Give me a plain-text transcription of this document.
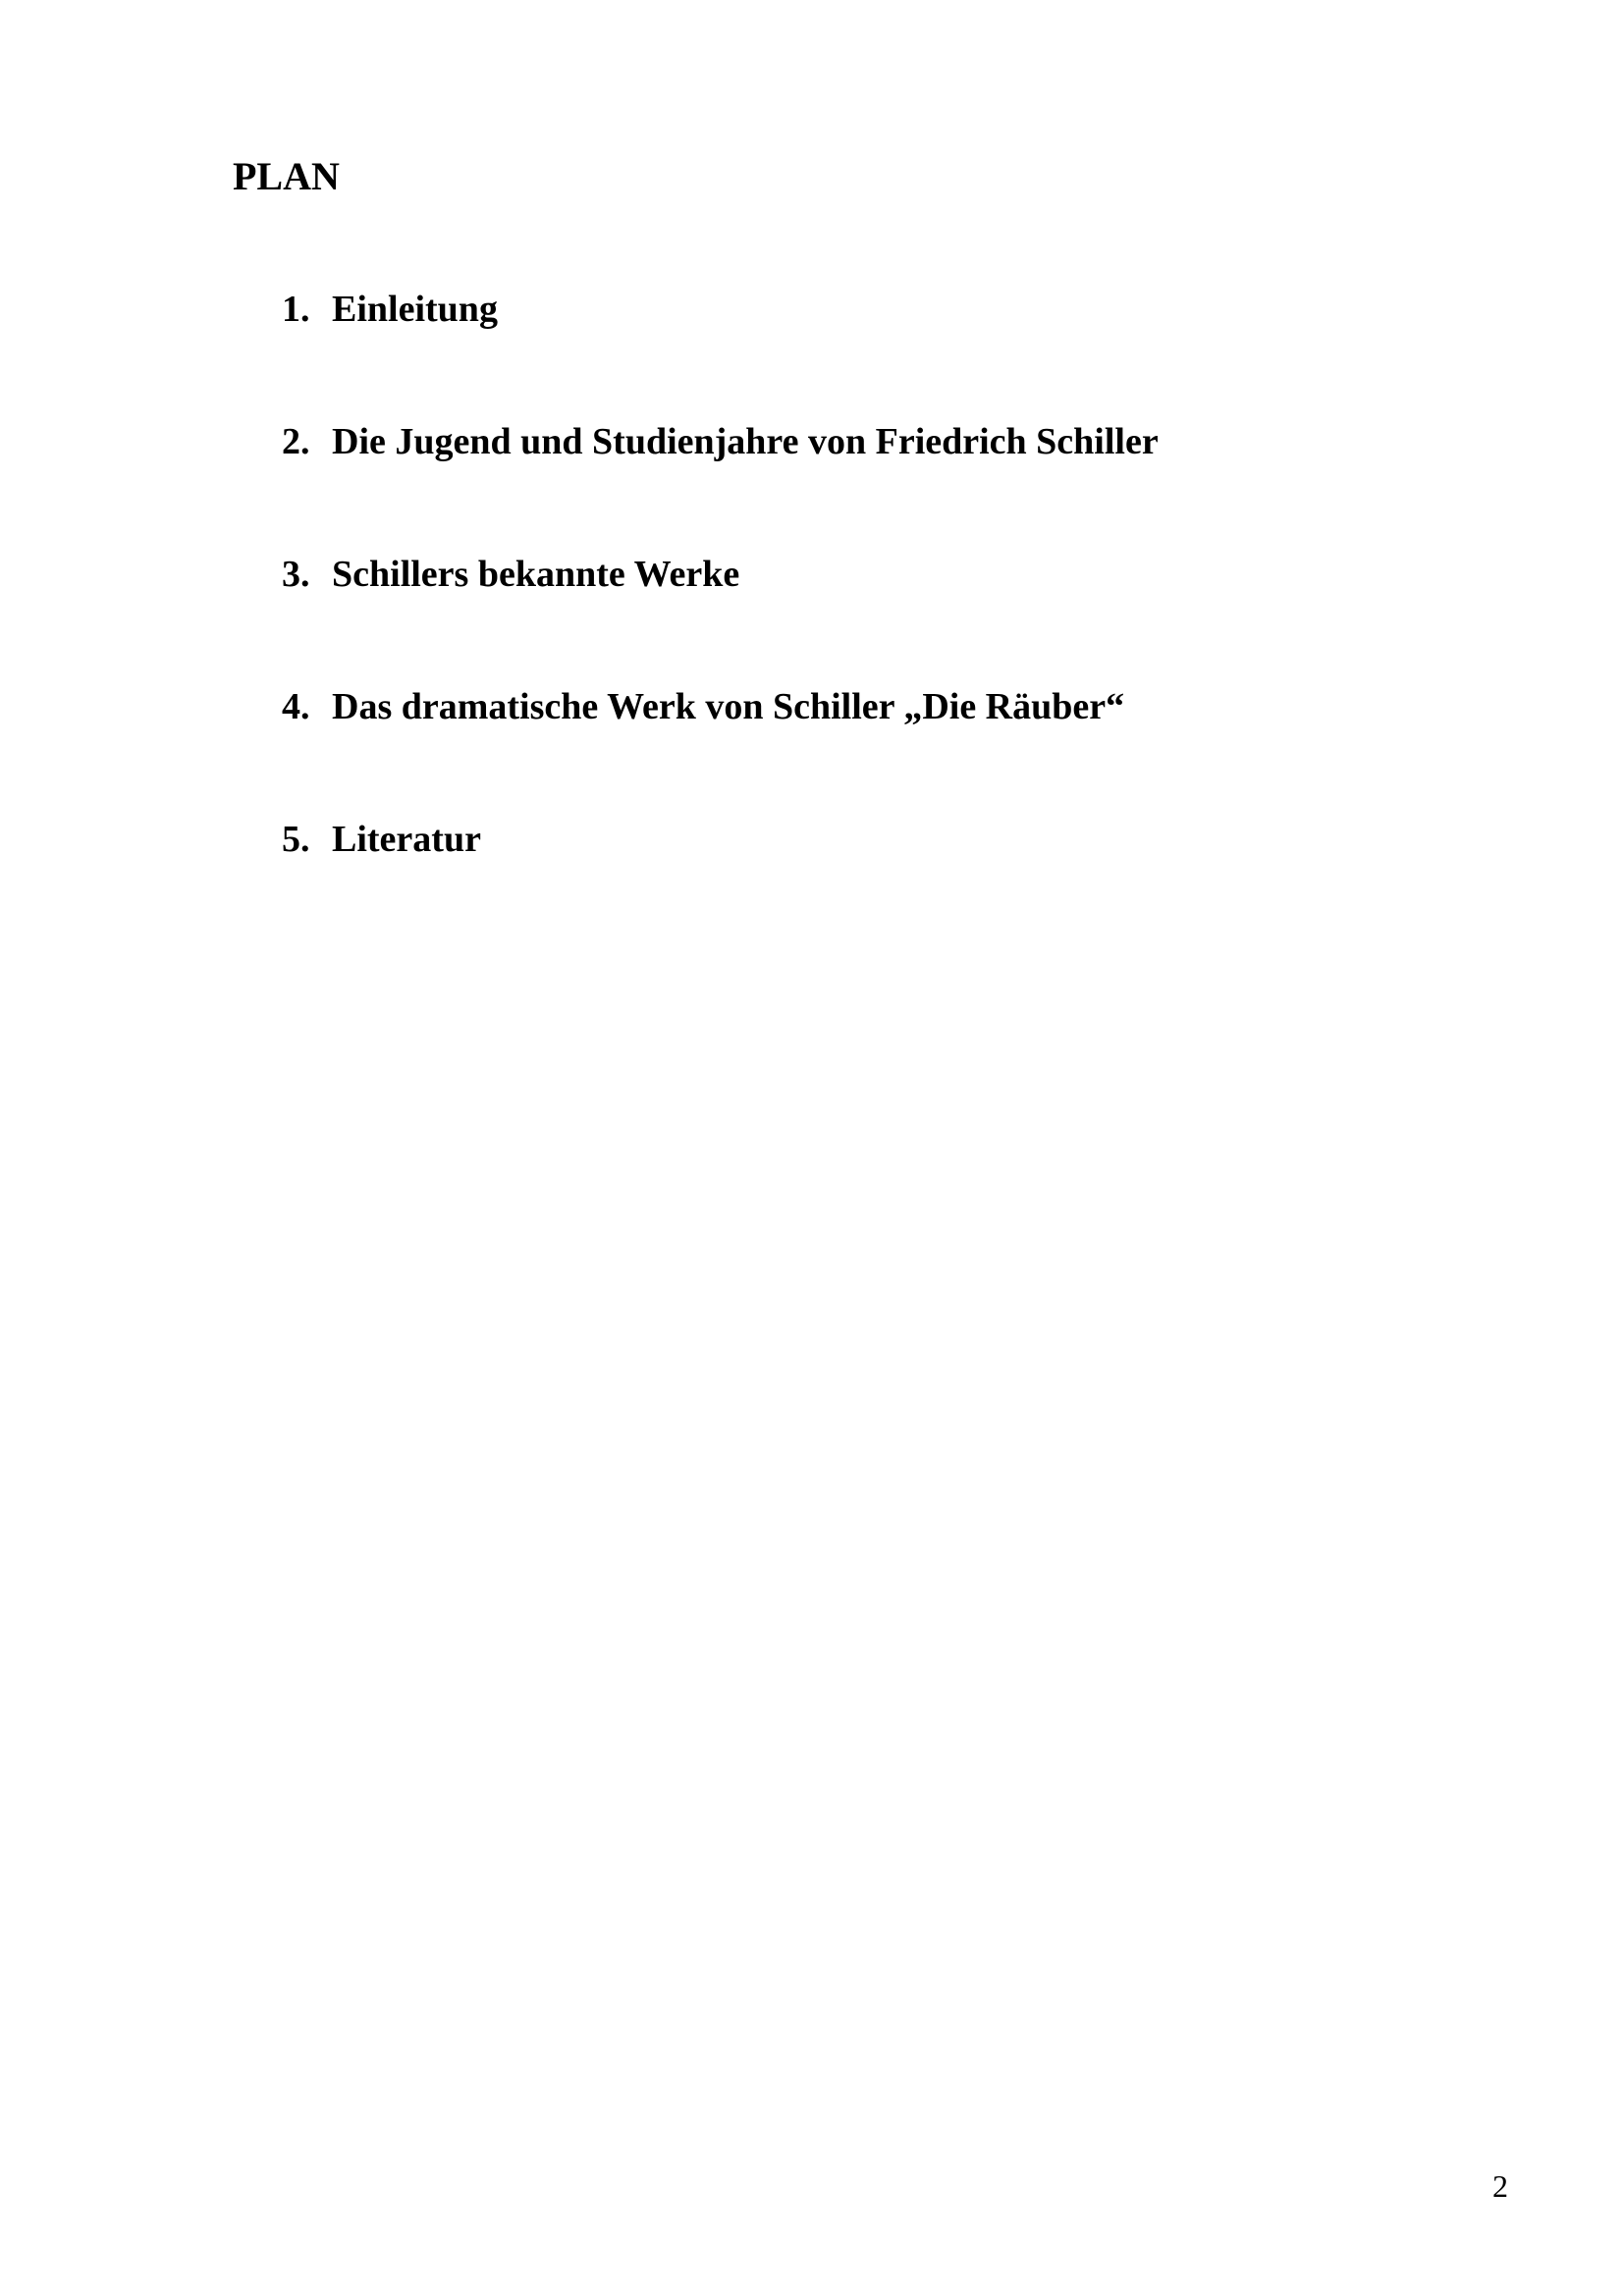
PLAN
1. Einleitung
2. Die Jugend und Studienjahre von Friedrich Schiller
3. Schillers bekannte Werke
4. Das dramatische Werk von Schiller „Die Räuber“
5. Literatur
2
